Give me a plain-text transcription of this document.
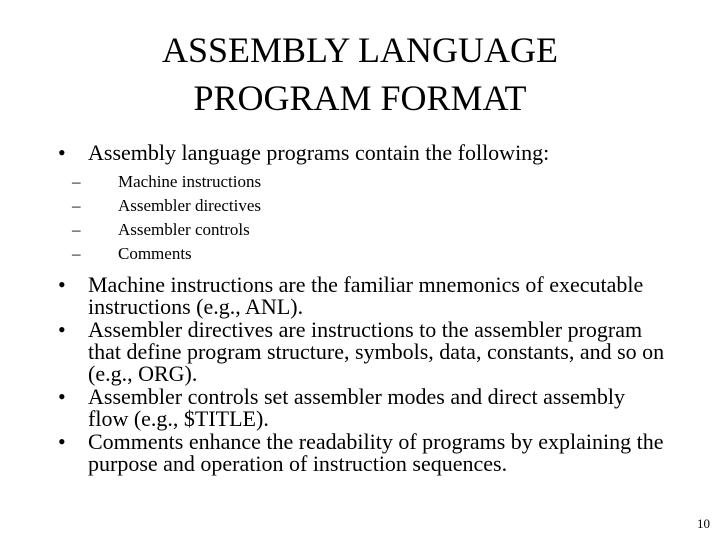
ASSEMBLY LANGUAGE
PROGRAM FORMAT
•	Assembly language programs contain the following:
– Machine instructions
– Assembler directives
– Assembler controls
– Comments
•	Machine instructions are the familiar mnemonics of executable instructions (e.g., ANL).
•	Assembler directives are instructions to the assembler program that define program structure, symbols, data, constants, and so on (e.g., ORG).
•	Assembler controls set assembler modes and direct assembly flow (e.g., $TITLE).
•	Comments enhance the readability of programs by explaining the purpose and operation of instruction sequences.
10
